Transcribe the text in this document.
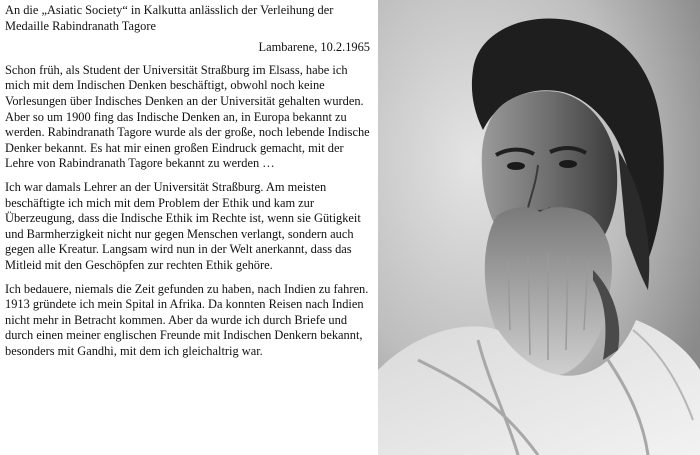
An die „Asiatic Society“ in Kalkutta anlässlich der Verleihung der Medaille Rabindranath Tagore

Lambarene, 10.2.1965

Schon früh, als Student der Universität Straßburg im Elsass, habe ich mich mit dem Indischen Denken beschäftigt, obwohl noch keine Vorlesungen über Indisches Denken an der Universität gehalten wurden. Aber so um 1900 fing das Indische Denken an, in Europa bekannt zu werden. Rabindranath Tagore wurde als der große, noch lebende Indische Denker bekannt. Es hat mir einen großen Eindruck gemacht, mit der Lehre von Rabindranath Tagore bekannt zu werden …

Ich war damals Lehrer an der Universität Straßburg. Am meisten beschäftigte ich mich mit dem Problem der Ethik und kam zur Überzeugung, dass die Indische Ethik im Rechte ist, wenn sie Gütigkeit und Barmherzigkeit nicht nur gegen Menschen verlangt, sondern auch gegen alle Kreatur. Langsam wird nun in der Welt anerkannt, dass das Mitleid mit den Geschöpfen zur rechten Ethik gehöre.

Ich bedauere, niemals die Zeit gefunden zu haben, nach Indien zu fahren. 1913 gründete ich mein Spital in Afrika. Da konnten Reisen nach Indien nicht mehr in Betracht kommen. Aber da wurde ich durch Briefe und durch einen meiner englischen Freunde mit Indischen Denkern bekannt, besonders mit Gandhi, mit dem ich gleichaltrig war.
